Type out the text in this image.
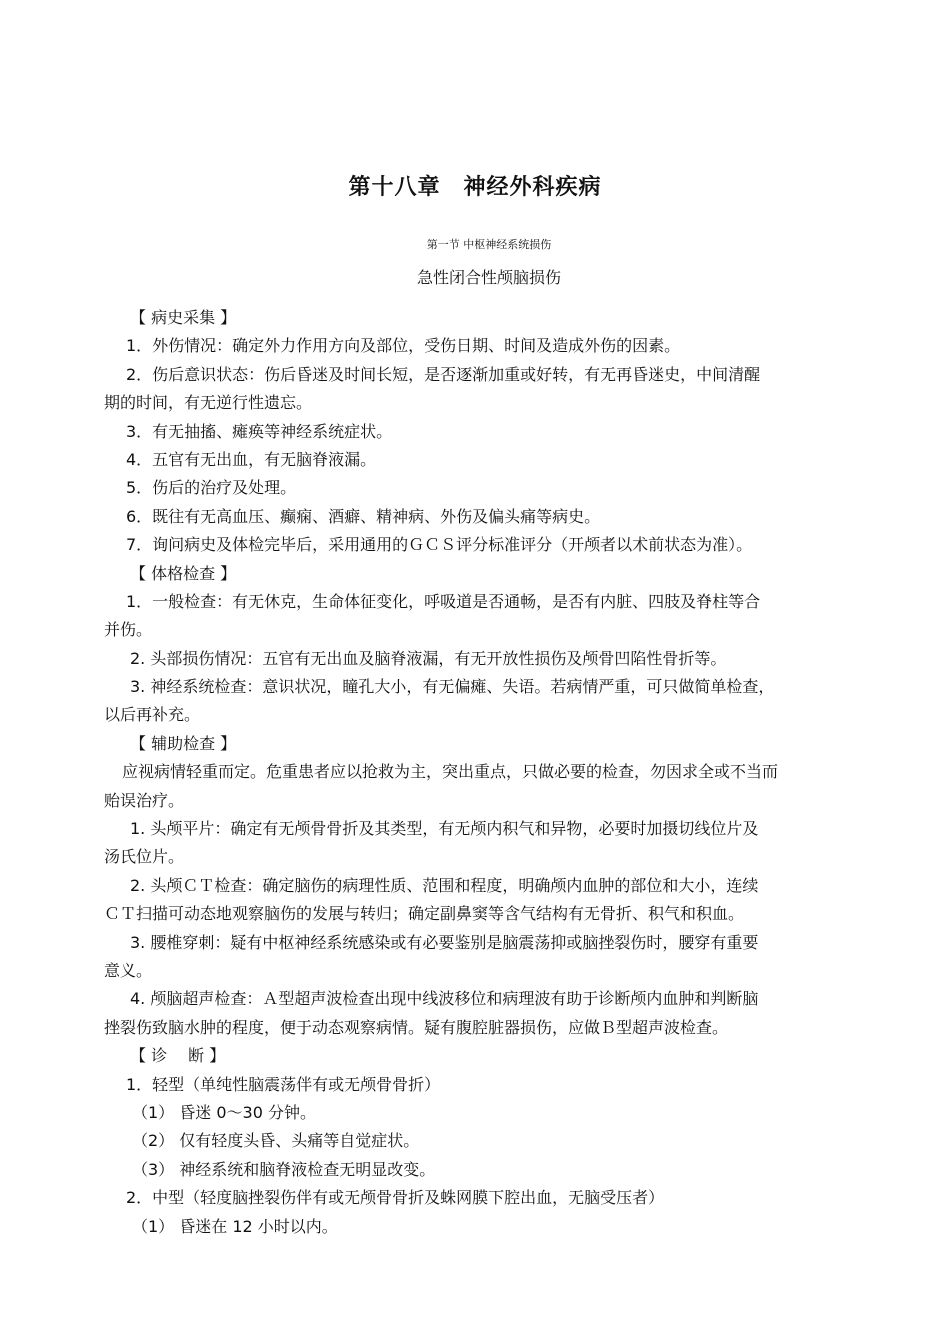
第十八章　神经外科疾病
第一节 中枢神经系统损伤
急性闭合性颅脑损伤
【 病史采集 】
1．外伤情况：确定外力作用方向及部位，受伤日期、时间及造成外伤的因素。
2．伤后意识状态：伤后昏迷及时间长短，是否逐渐加重或好转，有无再昏迷史，中间清醒
期的时间，有无逆行性遗忘。
3．有无抽搐、瘫痪等神经系统症状。
4．五官有无出血，有无脑脊液漏。
5．伤后的治疗及处理。
6．既往有无高血压、癫痫、酒癖、精神病、外伤及偏头痛等病史。
7．询问病史及体检完毕后，采用通用的ＧＣＳ评分标准评分（开颅者以术前状态为准）。
【 体格检查 】
1．一般检查：有无休克，生命体征变化，呼吸道是否通畅，是否有内脏、四肢及脊柱等合
并伤。
2. 头部损伤情况：五官有无出血及脑脊液漏，有无开放性损伤及颅骨凹陷性骨折等。
3. 神经系统检查：意识状况，瞳孔大小，有无偏瘫、失语。若病情严重，可只做简单检查，
以后再补充。
【 辅助检查 】
应视病情轻重而定。危重患者应以抢救为主，突出重点，只做必要的检查，勿因求全或不当而
贻误治疗。
1. 头颅平片：确定有无颅骨骨折及其类型，有无颅内积气和异物，必要时加摄切线位片及
汤氏位片。
2. 头颅ＣＴ检查：确定脑伤的病理性质、范围和程度，明确颅内血肿的部位和大小，连续
ＣＴ扫描可动态地观察脑伤的发展与转归；确定副鼻窦等含气结构有无骨折、积气和积血。
3. 腰椎穿刺：疑有中枢神经系统感染或有必要鉴别是脑震荡抑或脑挫裂伤时，腰穿有重要
意义。
4. 颅脑超声检查：Ａ型超声波检查出现中线波移位和病理波有助于诊断颅内血肿和判断脑
挫裂伤致脑水肿的程度，便于动态观察病情。疑有腹腔脏器损伤，应做Ｂ型超声波检查。
【 诊　 断 】
1．轻型（单纯性脑震荡伴有或无颅骨骨折）
（1） 昏迷 0～30 分钟。
（2） 仅有轻度头昏、头痛等自觉症状。
（3） 神经系统和脑脊液检查无明显改变。
2．中型（轻度脑挫裂伤伴有或无颅骨骨折及蛛网膜下腔出血，无脑受压者）
（1） 昏迷在 12 小时以内。
